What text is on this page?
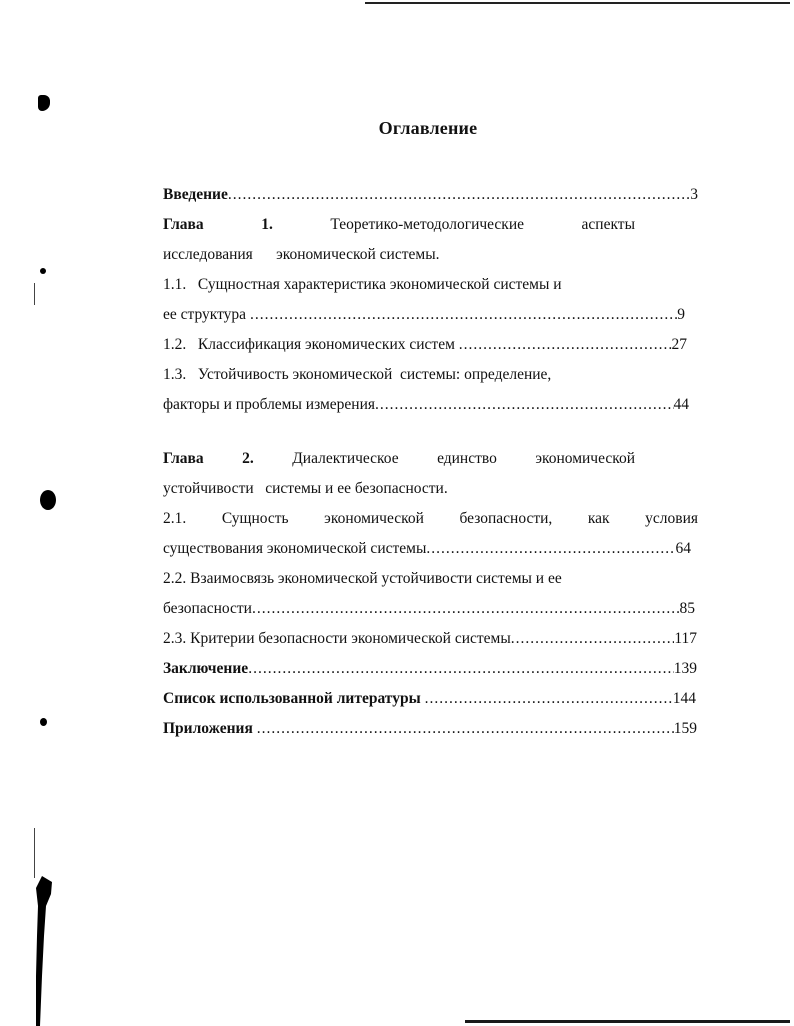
Оглавление
Введение .....	3
Глава	1.	Теоретико-методологические	аспекты
исследования экономической системы.
1.1.   Сущностная характеристика экономической системы и
ее структура .....	9
1.2.   Классификация экономических систем .....	27
1.3.   Устойчивость экономической  системы: определение,
факторы и проблемы измерения .....	44
Глава 2. Диалектическое единство экономической
устойчивости   системы и ее безопасности.
2.1. Сущность экономической безопасности, как условия
существования экономической системы .....	64
2.2. Взаимосвязь экономической устойчивости системы и ее
безопасности .....	85
2.3. Критерии безопасности экономической системы .....	117
Заключение .....	139
Список использованной литературы .....	144
Приложения .....	159
